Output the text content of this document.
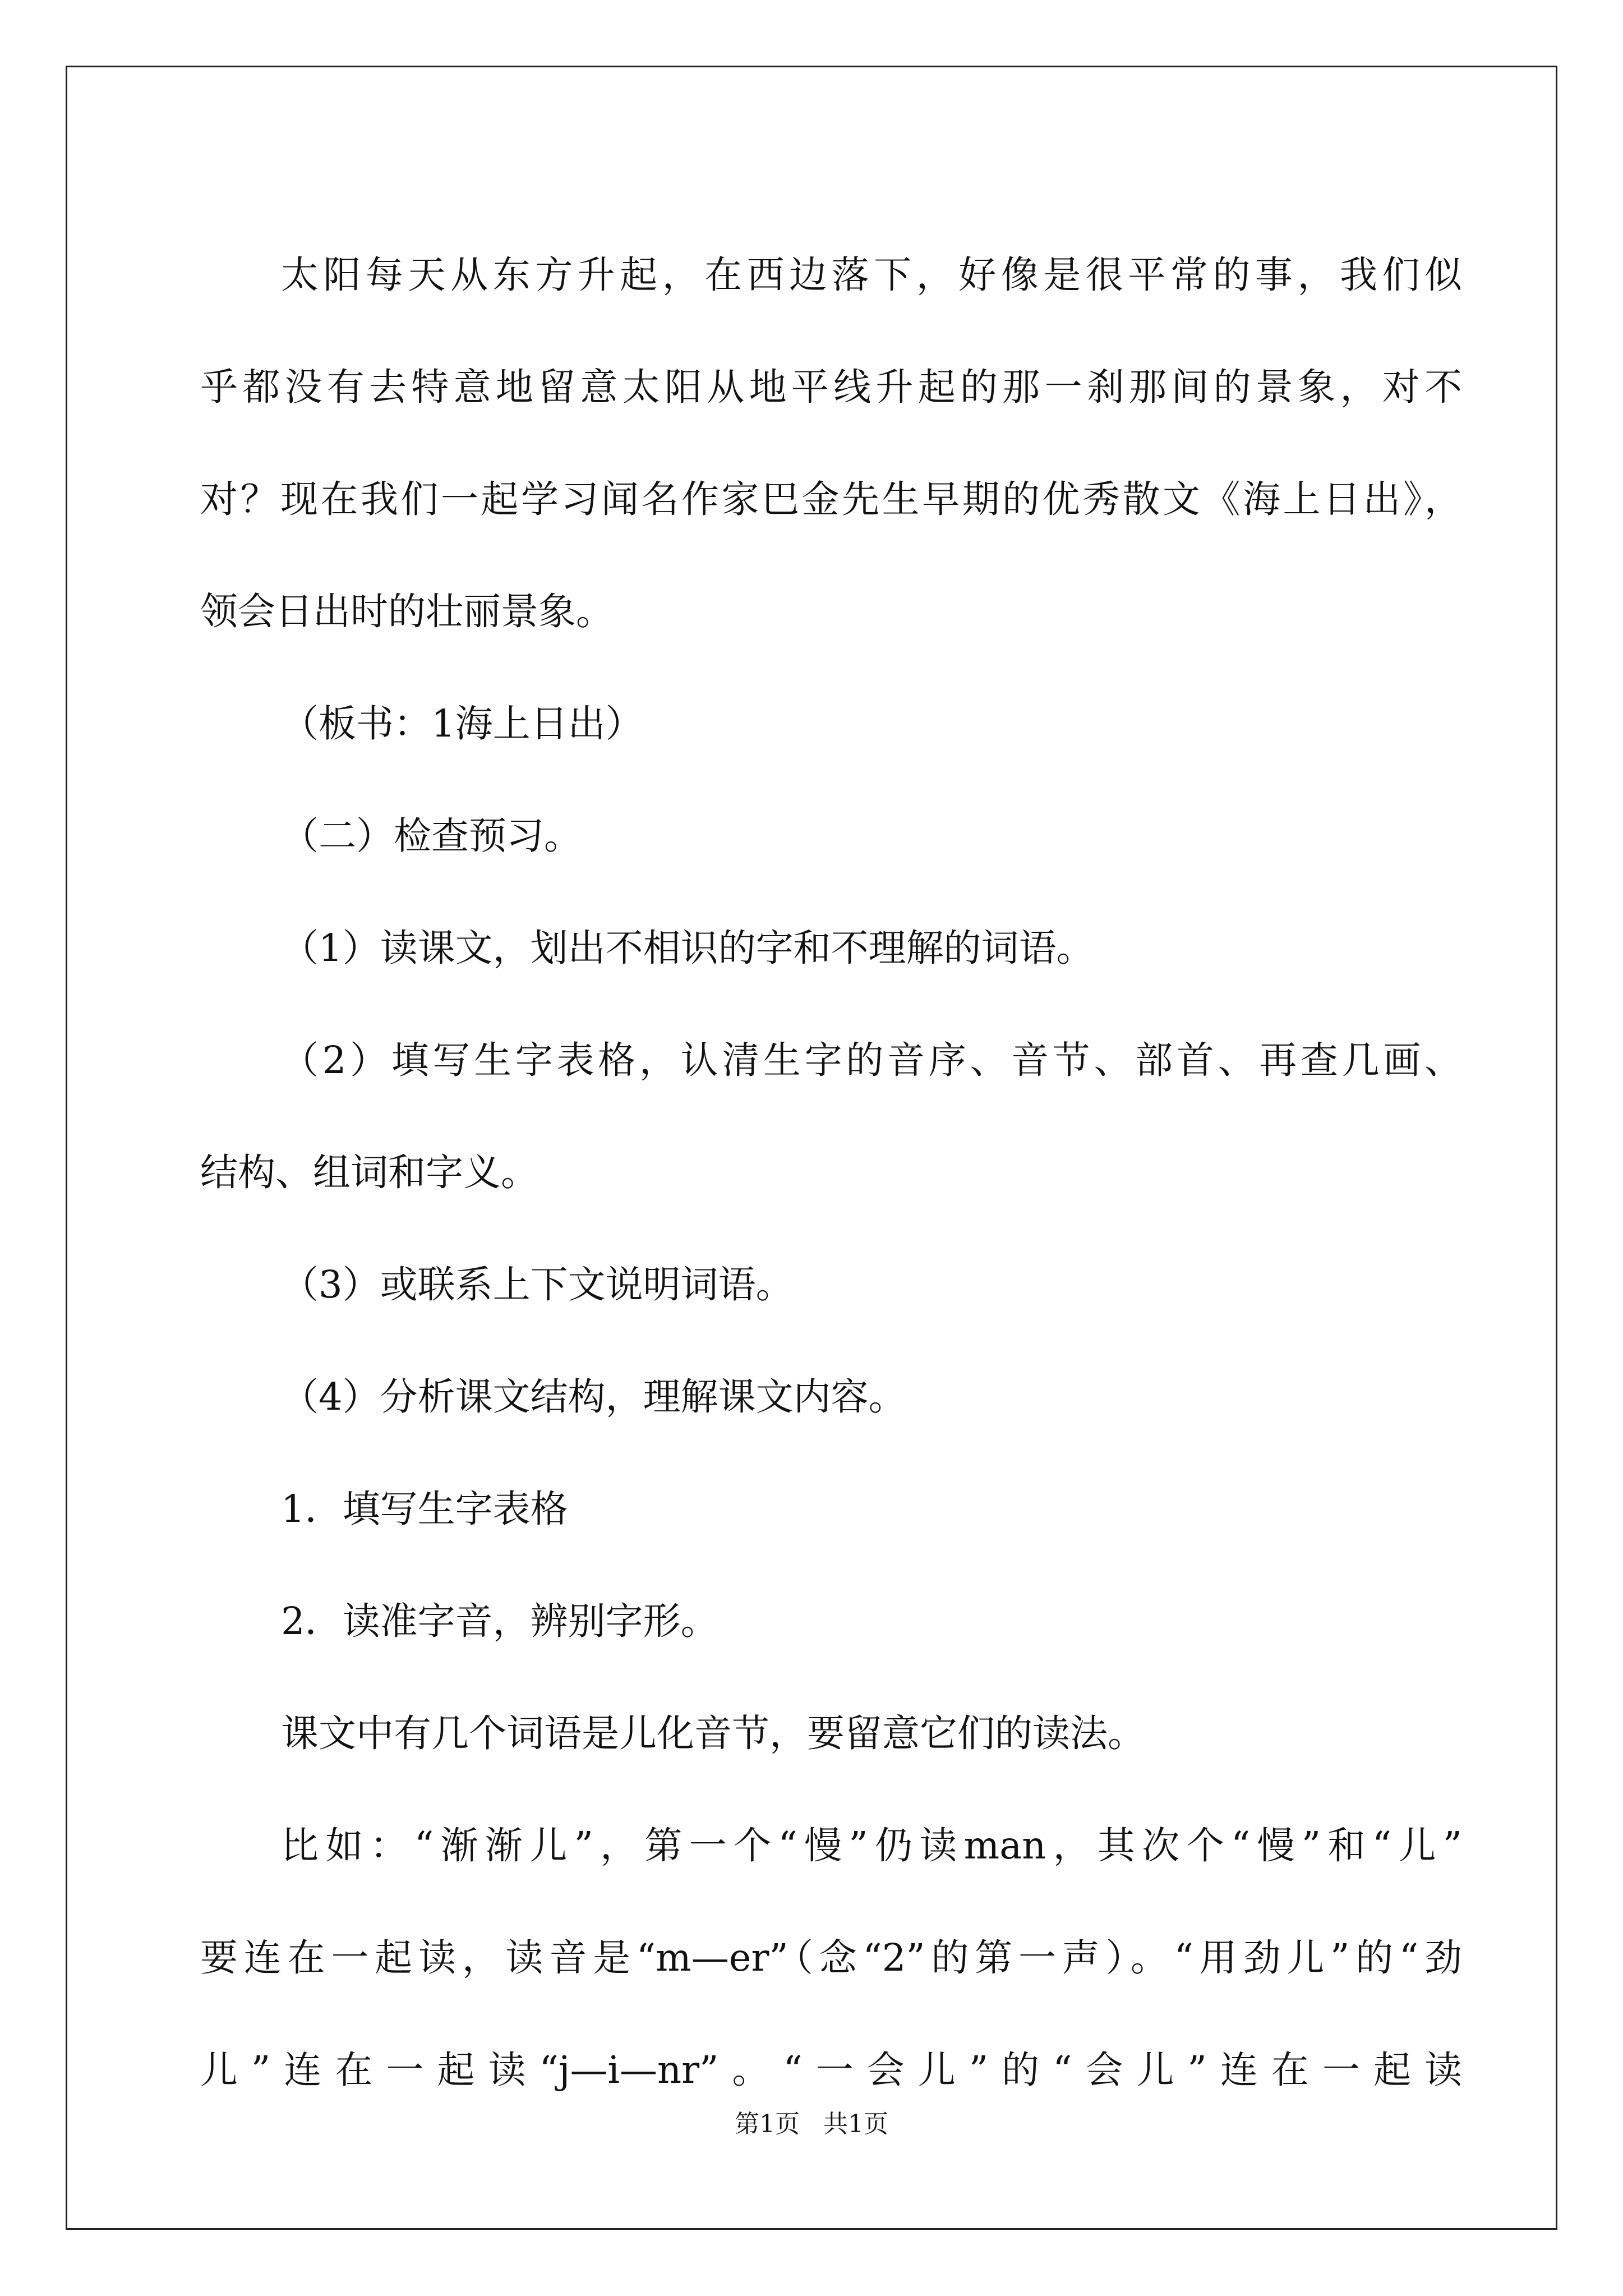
太阳每天从东方升起，在西边落下，好像是很平常的事，我们似
乎都没有去特意地留意太阳从地平线升起的那一刹那间的景象，对不
对？现在我们一起学习闻名作家巴金先生早期的优秀散文《海上日出》，
领会日出时的壮丽景象。
（板书：1海上日出）
（二）检查预习。
（1）读课文，划出不相识的字和不理解的词语。
（2）填写生字表格，认清生字的音序、音节、部首、再查几画、
结构、组词和字义。
（3）或联系上下文说明词语。
（4）分析课文结构，理解课文内容。
1．填写生字表格
2．读准字音，辨别字形。
课文中有几个词语是儿化音节，要留意它们的读法。
比如：“渐渐儿”，第一个“慢”仍读man，其次个“慢”和“儿”
要连在一起读，读音是“m—er”（念“2”的第一声）。“用劲儿”的“劲
儿”连在一起读“j—i—nr”。“一会儿”的“会儿”连在一起读
第1页 共1页
